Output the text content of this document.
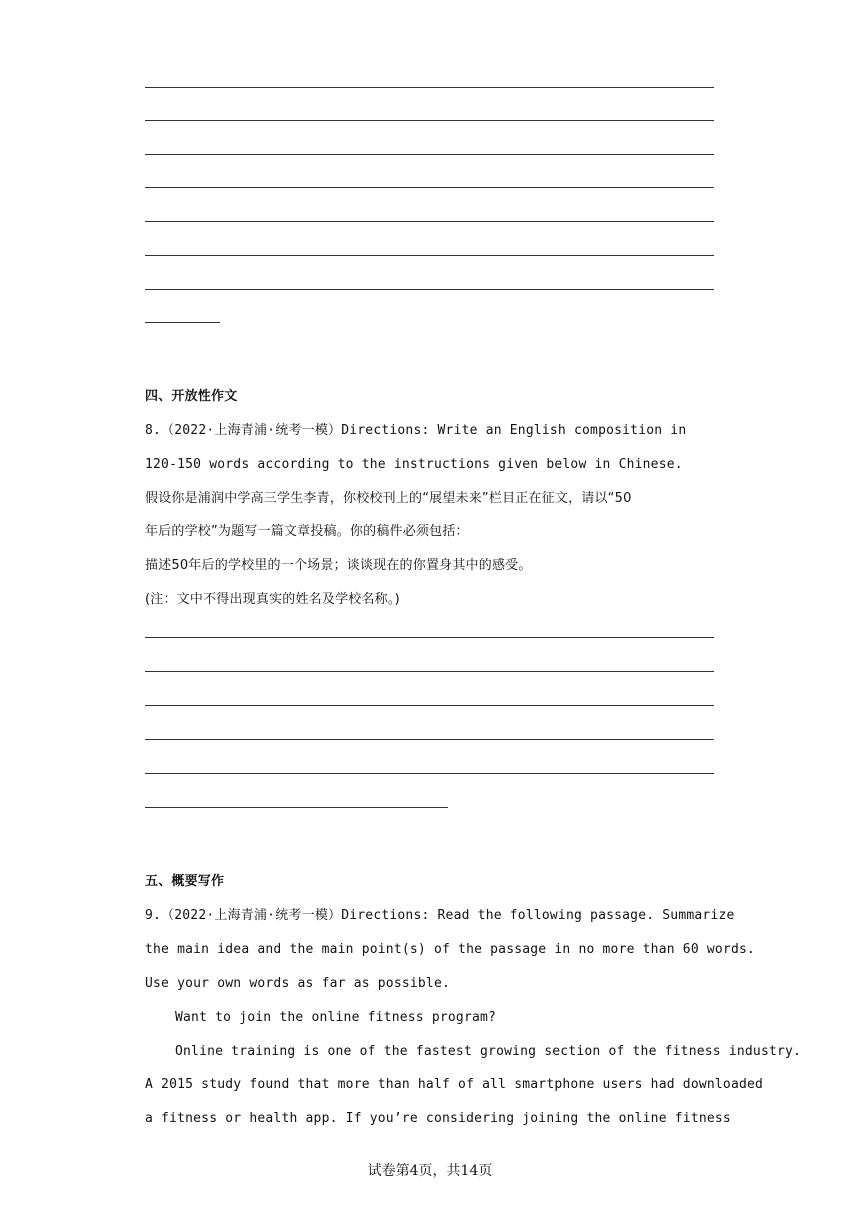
四、开放性作文
8.（2022·上海青浦·统考一模）Directions: Write an English composition in
120-150 words according to the instructions given below in Chinese.
假设你是浦润中学高三学生李青，你校校刊上的“展望未来”栏目正在征文，请以“50
年后的学校”为题写一篇文章投稿。你的稿件必须包括：
描述50年后的学校里的一个场景；谈谈现在的你置身其中的感受。
(注：文中不得出现真实的姓名及学校名称。)
五、概要写作
9.（2022·上海青浦·统考一模）Directions: Read the following passage. Summarize
the main idea and the main point(s) of the passage in no more than 60 words.
Use your own words as far as possible.
Want to join the online fitness program?
Online training is one of the fastest growing section of the fitness industry.
A 2015 study found that more than half of all smartphone users had downloaded
a fitness or health app. If you’re considering joining the online fitness
试卷第4页，共14页
